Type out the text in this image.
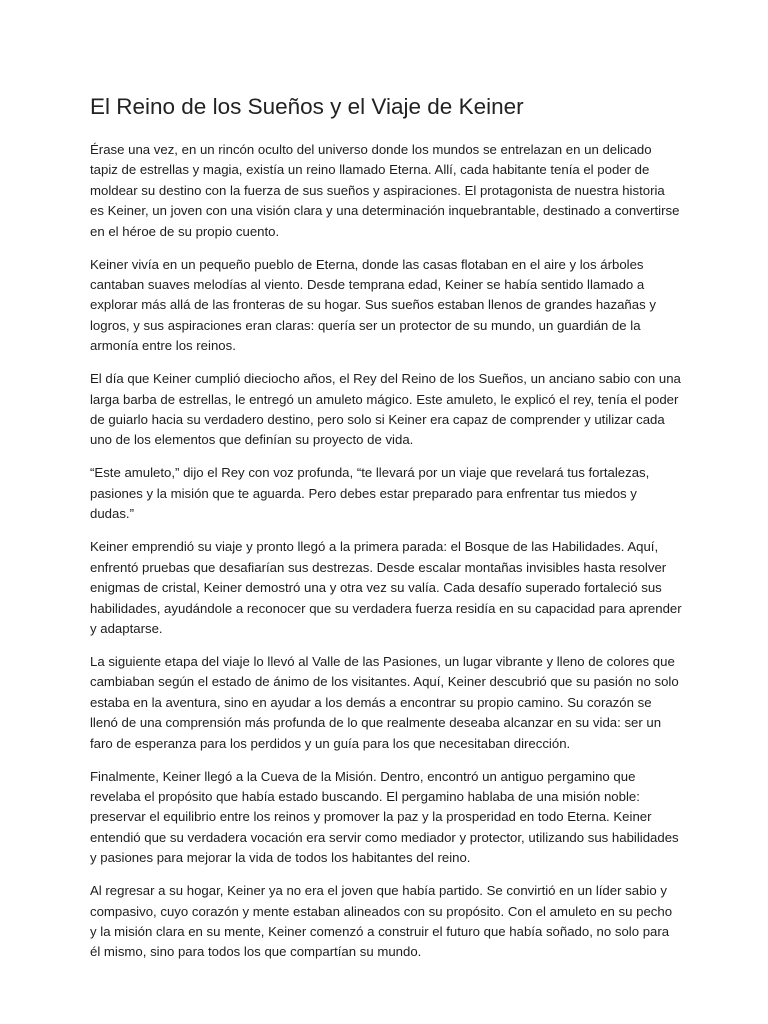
El Reino de los Sueños y el Viaje de Keiner

Érase una vez, en un rincón oculto del universo donde los mundos se entrelazan en un delicado tapiz de estrellas y magia, existía un reino llamado Eterna. Allí, cada habitante tenía el poder de moldear su destino con la fuerza de sus sueños y aspiraciones. El protagonista de nuestra historia es Keiner, un joven con una visión clara y una determinación inquebrantable, destinado a convertirse en el héroe de su propio cuento.

Keiner vivía en un pequeño pueblo de Eterna, donde las casas flotaban en el aire y los árboles cantaban suaves melodías al viento. Desde temprana edad, Keiner se había sentido llamado a explorar más allá de las fronteras de su hogar. Sus sueños estaban llenos de grandes hazañas y logros, y sus aspiraciones eran claras: quería ser un protector de su mundo, un guardián de la armonía entre los reinos.

El día que Keiner cumplió dieciocho años, el Rey del Reino de los Sueños, un anciano sabio con una larga barba de estrellas, le entregó un amuleto mágico. Este amuleto, le explicó el rey, tenía el poder de guiarlo hacia su verdadero destino, pero solo si Keiner era capaz de comprender y utilizar cada uno de los elementos que definían su proyecto de vida.

“Este amuleto,” dijo el Rey con voz profunda, “te llevará por un viaje que revelará tus fortalezas, pasiones y la misión que te aguarda. Pero debes estar preparado para enfrentar tus miedos y dudas.”

Keiner emprendió su viaje y pronto llegó a la primera parada: el Bosque de las Habilidades. Aquí, enfrentó pruebas que desafiarían sus destrezas. Desde escalar montañas invisibles hasta resolver enigmas de cristal, Keiner demostró una y otra vez su valía. Cada desafío superado fortaleció sus habilidades, ayudándole a reconocer que su verdadera fuerza residía en su capacidad para aprender y adaptarse.

La siguiente etapa del viaje lo llevó al Valle de las Pasiones, un lugar vibrante y lleno de colores que cambiaban según el estado de ánimo de los visitantes. Aquí, Keiner descubrió que su pasión no solo estaba en la aventura, sino en ayudar a los demás a encontrar su propio camino. Su corazón se llenó de una comprensión más profunda de lo que realmente deseaba alcanzar en su vida: ser un faro de esperanza para los perdidos y un guía para los que necesitaban dirección.

Finalmente, Keiner llegó a la Cueva de la Misión. Dentro, encontró un antiguo pergamino que revelaba el propósito que había estado buscando. El pergamino hablaba de una misión noble: preservar el equilibrio entre los reinos y promover la paz y la prosperidad en todo Eterna. Keiner entendió que su verdadera vocación era servir como mediador y protector, utilizando sus habilidades y pasiones para mejorar la vida de todos los habitantes del reino.

Al regresar a su hogar, Keiner ya no era el joven que había partido. Se convirtió en un líder sabio y compasivo, cuyo corazón y mente estaban alineados con su propósito. Con el amuleto en su pecho y la misión clara en su mente, Keiner comenzó a construir el futuro que había soñado, no solo para él mismo, sino para todos los que compartían su mundo.
